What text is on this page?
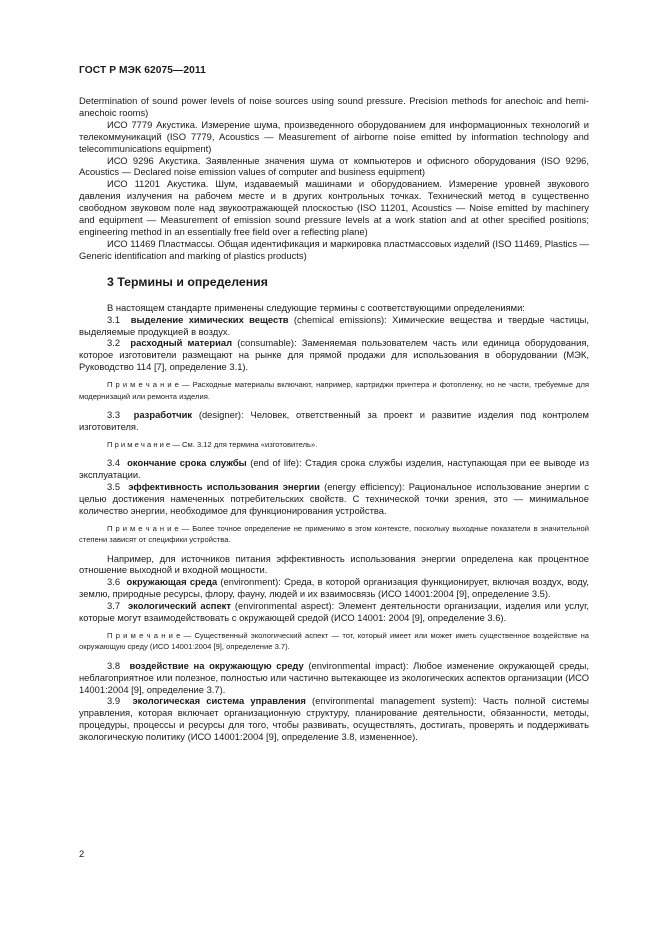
ГОСТ Р МЭК 62075—2011

Determination of sound power levels of noise sources using sound pressure. Precision methods for anechoic and hemi-anechoic rooms)

ИСО 7779 Акустика. Измерение шума, произведенного оборудованием для информационных технологий и телекоммуникаций (ISO 7779, Acoustics — Measurement of airborne noise emitted by information technology and telecommunications equipment)

ИСО 9296 Акустика. Заявленные значения шума от компьютеров и офисного оборудования (ISO 9296, Acoustics — Declared noise emission values of computer and business equipment)

ИСО 11201 Акустика. Шум, издаваемый машинами и оборудованием. Измерение уровней звукового давления излучения на рабочем месте и в других контрольных точках. Технический метод в существенно свободном звуковом поле над звукоотражающей плоскостью (ISO 11201, Acoustics — Noise emitted by machinery and equipment — Measurement of emission sound pressure levels at a work station and at other specified positions; engineering method in an essentially free field over a reflecting plane)

ИСО 11469 Пластмассы. Общая идентификация и маркировка пластмассовых изделий (ISO 11469, Plastics — Generic identification and marking of plastics products)

3 Термины и определения

В настоящем стандарте применены следующие термины с соответствующими определениями:

3.1 выделение химических веществ (chemical emissions): Химические вещества и твердые частицы, выделяемые продукцией в воздух.

3.2 расходный материал (consumable): Заменяемая пользователем часть или единица оборудования, которое изготовители размещают на рынке для прямой продажи для использования в оборудовании (МЭК, Руководство 114 [7], определение 3.1).

П р и м е ч а н и е — Расходные материалы включают, например, картриджи принтера и фотопленку, но не части, требуемые для модернизаций или ремонта изделия.

3.3 разработчик (designer): Человек, ответственный за проект и развитие изделия под контролем изготовителя.

П р и м е ч а н и е — См. 3.12 для термина «изготовитель».

3.4 окончание срока службы (end of life): Стадия срока службы изделия, наступающая при ее выводе из эксплуатации.

3.5 эффективность использования энергии (energy efficiency): Рациональное использование энергии с целью достижения намеченных потребительских свойств. С технической точки зрения, это — минимальное количество энергии, необходимое для функционирования устройства.

П р и м е ч а н и е — Более точное определение не применимо в этом контексте, поскольку выходные показатели в значительной степени зависят от специфики устройства.

Например, для источников питания эффективность использования энергии определена как процентное отношение выходной и входной мощности.

3.6 окружающая среда (environment): Среда, в которой организация функционирует, включая воздух, воду, землю, природные ресурсы, флору, фауну, людей и их взаимосвязь (ИСО 14001:2004 [9], определение 3.5).

3.7 экологический аспект (environmental aspect): Элемент деятельности организации, изделия или услуг, которые могут взаимодействовать с окружающей средой (ИСО 14001: 2004 [9], определение 3.6).

П р и м е ч а н и е — Существенный экологический аспект — тот, который имеет или может иметь существенное воздействие на окружающую среду (ИСО 14001:2004 [9], определение 3.7).

3.8 воздействие на окружающую среду (environmental impact): Любое изменение окружающей среды, неблагоприятное или полезное, полностью или частично вытекающее из экологических аспектов организации (ИСО 14001:2004 [9], определение 3.7).

3.9 экологическая система управления (environmental management system): Часть полной системы управления, которая включает организационную структуру, планирование деятельности, обязанности, методы, процедуры, процессы и ресурсы для того, чтобы развивать, осуществлять, достигать, проверять и поддерживать экологическую политику (ИСО 14001:2004 [9], определение 3.8, измененное).

2
